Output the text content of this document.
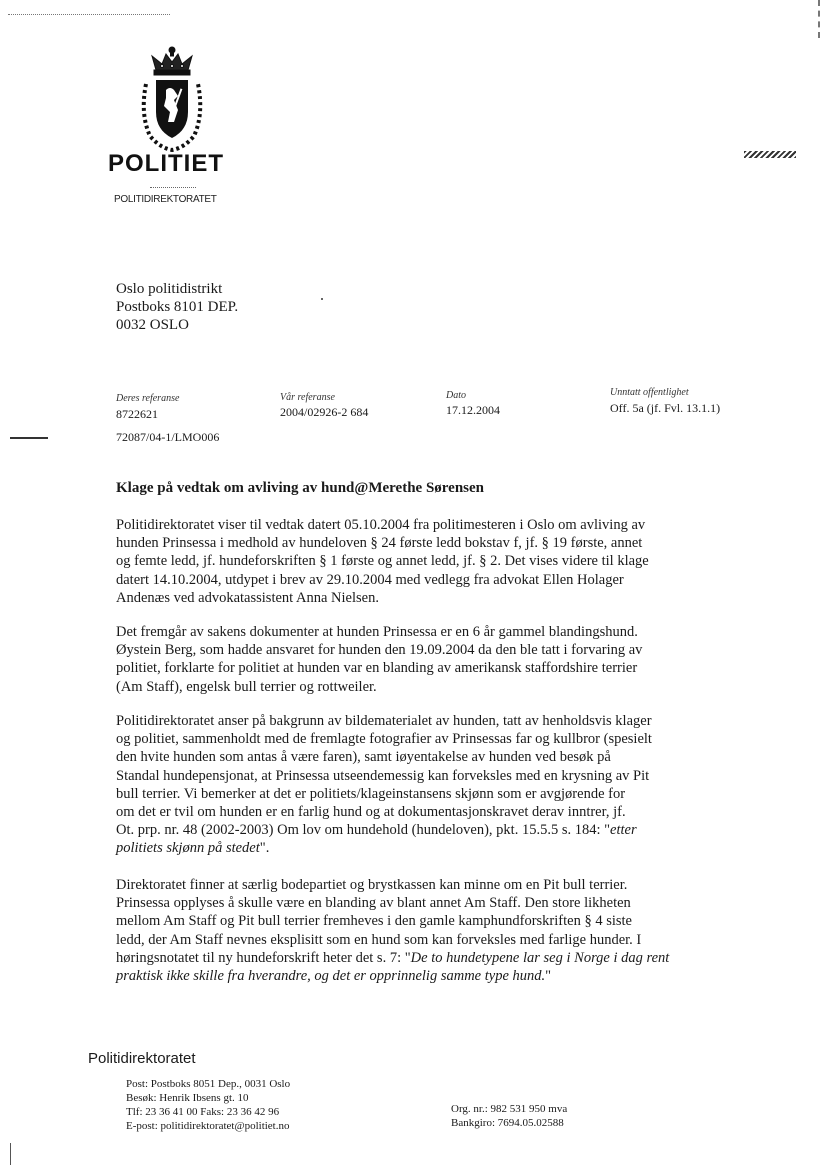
POLITIET
POLITIDIREKTORATET
Oslo politidistrikt
Postboks 8101 DEP.
0032 OSLO
Deres referanse
8722621
72087/04-1/LMO006
Vår referanse
2004/02926-2 684
Dato
17.12.2004
Unntatt offentlighet
Off. 5a (jf. Fvl. 13.1.1)
Klage på vedtak om avliving av hund@Merethe Sørensen
Politidirektoratet viser til vedtak datert 05.10.2004 fra politimesteren i Oslo om avliving av
hunden Prinsessa i medhold av hundeloven § 24 første ledd bokstav f, jf. § 19 første, annet
og femte ledd, jf. hundeforskriften § 1 første og annet ledd, jf. § 2. Det vises videre til klage
datert 14.10.2004, utdypet i brev av 29.10.2004 med vedlegg fra advokat Ellen Holager
Andenæs ved advokatassistent Anna Nielsen.
Det fremgår av sakens dokumenter at hunden Prinsessa er en 6 år gammel blandingshund.
Øystein Berg, som hadde ansvaret for hunden den 19.09.2004 da den ble tatt i forvaring av
politiet, forklarte for politiet at hunden var en blanding av amerikansk staffordshire terrier
(Am Staff), engelsk bull terrier og rottweiler.
Politidirektoratet anser på bakgrunn av bildematerialet av hunden, tatt av henholdsvis klager
og politiet, sammenholdt med de fremlagte fotografier av Prinsessas far og kullbror (spesielt
den hvite hunden som antas å være faren), samt iøyentakelse av hunden ved besøk på
Standal hundepensjonat, at Prinsessa utseendemessig kan forveksles med en krysning av Pit
bull terrier. Vi bemerker at det er politiets/klageinstansens skjønn som er avgjørende for
om det er tvil om hunden er en farlig hund og at dokumentasjonskravet derav inntrer, jf.
Ot. prp. nr. 48 (2002-2003) Om lov om hundehold (hundeloven), pkt. 15.5.5 s. 184: "etter
politiets skjønn på stedet".
Direktoratet finner at særlig bodepartiet og brystkassen kan minne om en Pit bull terrier.
Prinsessa opplyses å skulle være en blanding av blant annet Am Staff. Den store likheten
mellom Am Staff og Pit bull terrier fremheves i den gamle kamphundforskriften § 4 siste
ledd, der Am Staff nevnes eksplisitt som en hund som kan forveksles med farlige hunder. I
høringsnotatet til ny hundeforskrift heter det s. 7: "De to hundetypene lar seg i Norge i dag rent
praktisk ikke skille fra hverandre, og det er opprinnelig samme type hund."
Politidirektoratet
Post: Postboks 8051 Dep., 0031 Oslo
Besøk: Henrik Ibsens gt. 10
Tlf: 23 36 41 00 Faks: 23 36 42 96
E-post: politidirektoratet@politiet.no
Org. nr.: 982 531 950 mva
Bankgiro: 7694.05.02588
